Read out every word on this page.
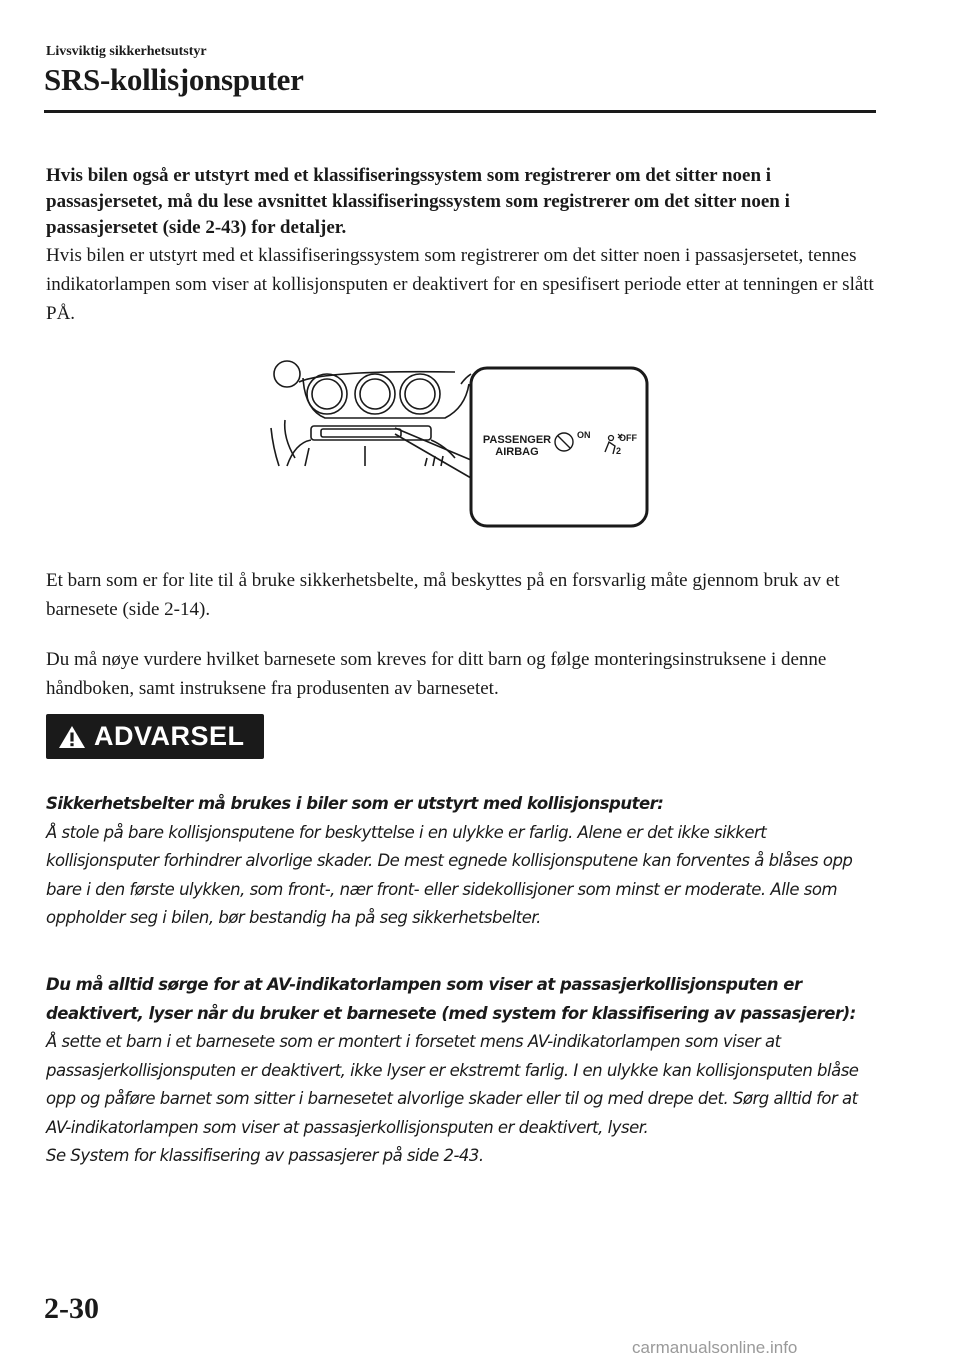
Livsviktig sikkerhetsutstyr
SRS-kollisjonsputer
Hvis bilen også er utstyrt med et klassifiseringssystem som registrerer om det sitter noen i passasjersetet, må du lese avsnittet klassifiseringssystem som registrerer om det sitter noen i passasjersetet (side 2-43) for detaljer.
Hvis bilen er utstyrt med et klassifiseringssystem som registrerer om det sitter noen i passasjersetet, tennes indikatorlampen som viser at kollisjonsputen er deaktivert for en spesifisert periode etter at tenningen er slått PÅ.
PASSENGER
AIRBAG
ON	OFF
2
Et barn som er for lite til å bruke sikkerhetsbelte, må beskyttes på en forsvarlig måte gjennom bruk av et barnesete (side 2-14).
Du må nøye vurdere hvilket barnesete som kreves for ditt barn og følge monteringsinstruksene i denne håndboken, samt instruksene fra produsenten av barnesetet.
ADVARSEL
Sikkerhetsbelter må brukes i biler som er utstyrt med kollisjonsputer:
Å stole på bare kollisjonsputene for beskyttelse i en ulykke er farlig. Alene er det ikke sikkert kollisjonsputer forhindrer alvorlige skader. De mest egnede kollisjonsputene kan forventes å blåses opp bare i den første ulykken, som front-, nær front- eller sidekollisjoner som minst er moderate. Alle som oppholder seg i bilen, bør bestandig ha på seg sikkerhetsbelter.
Du må alltid sørge for at AV-indikatorlampen som viser at passasjerkollisjonsputen er deaktivert, lyser når du bruker et barnesete (med system for klassifisering av passasjerer):
Å sette et barn i et barnesete som er montert i forsetet mens AV-indikatorlampen som viser at passasjerkollisjonsputen er deaktivert, ikke lyser er ekstremt farlig. I en ulykke kan kollisjonsputen blåse opp og påføre barnet som sitter i barnesetet alvorlige skader eller til og med drepe det. Sørg alltid for at AV-indikatorlampen som viser at passasjerkollisjonsputen er deaktivert, lyser.
Se System for klassifisering av passasjerer på side 2-43.
2-30
carmanualsonline.info
